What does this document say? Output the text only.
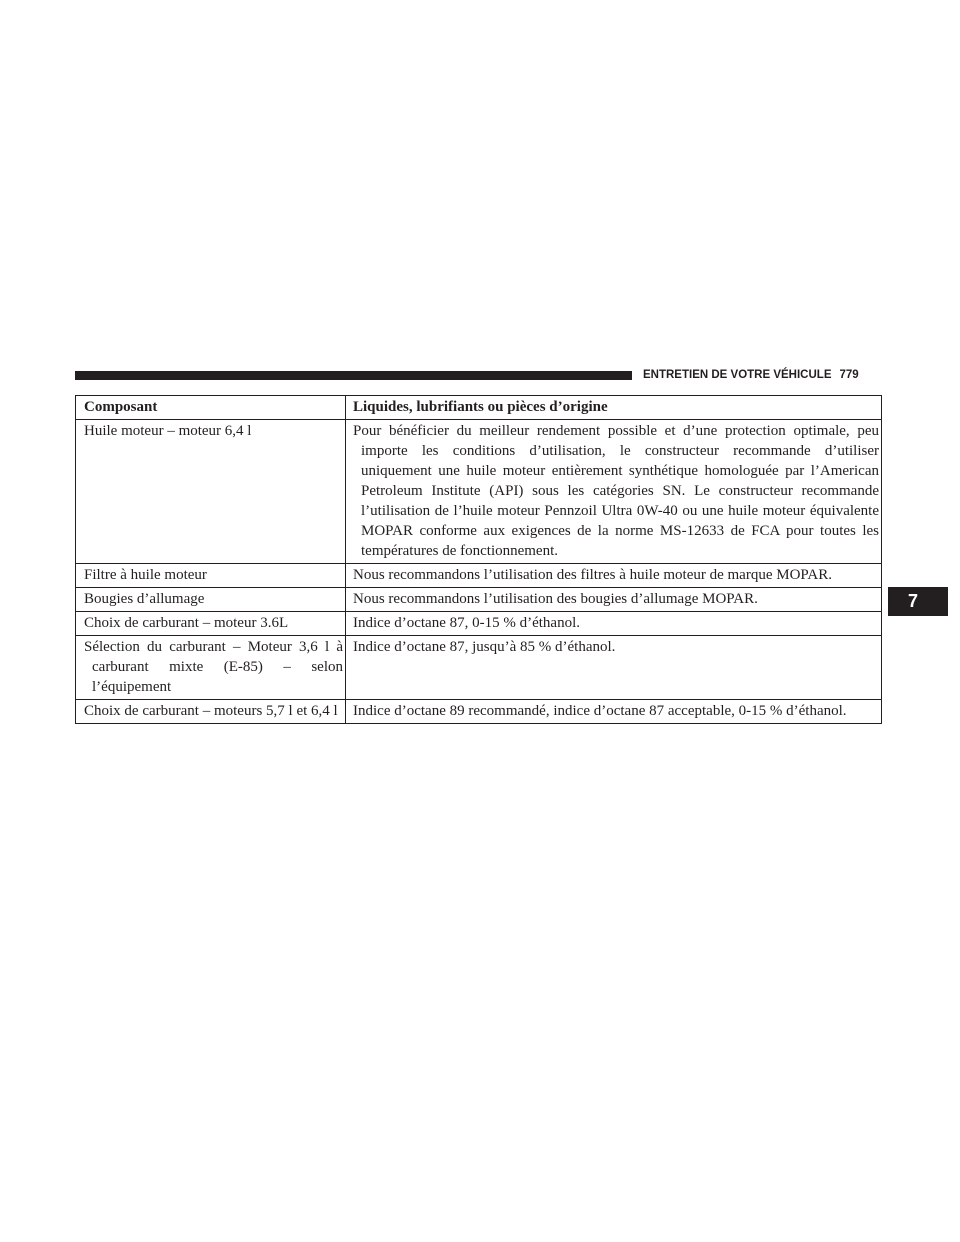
ENTRETIEN DE VOTRE VÉHICULE 779
Composant	Liquides, lubrifiants ou pièces d’origine

Huile moteur – moteur 6,4 l	Pour bénéficier du meilleur rendement possible et d’une protection optimale, peu importe les conditions d’utilisation, le constructeur recommande d’utiliser uniquement une huile moteur entièrement synthétique homologuée par l’American Petroleum Institute (API) sous les catégories SN. Le constructeur recommande l’utilisation de l’huile moteur Pennzoil Ultra 0W-40 ou une huile moteur équivalente MOPAR conforme aux exigences de la norme MS-12633 de FCA pour toutes les températures de fonctionnement.

Filtre à huile moteur	Nous recommandons l’utilisation des filtres à huile moteur de marque MOPAR.

Bougies d’allumage	Nous recommandons l’utilisation des bougies d’allumage MOPAR.

Choix de carburant – moteur 3.6L	Indice d’octane 87, 0-15 % d’éthanol.

Sélection du carburant – Moteur 3,6 l à carburant mixte (E-85) – selon l’équipement	Indice d’octane 87, jusqu’à 85 % d’éthanol.

Choix de carburant – moteurs 5,7 l et 6,4 l	Indice d’octane 89 recommandé, indice d’octane 87 acceptable, 0-15 % d’éthanol.
7
